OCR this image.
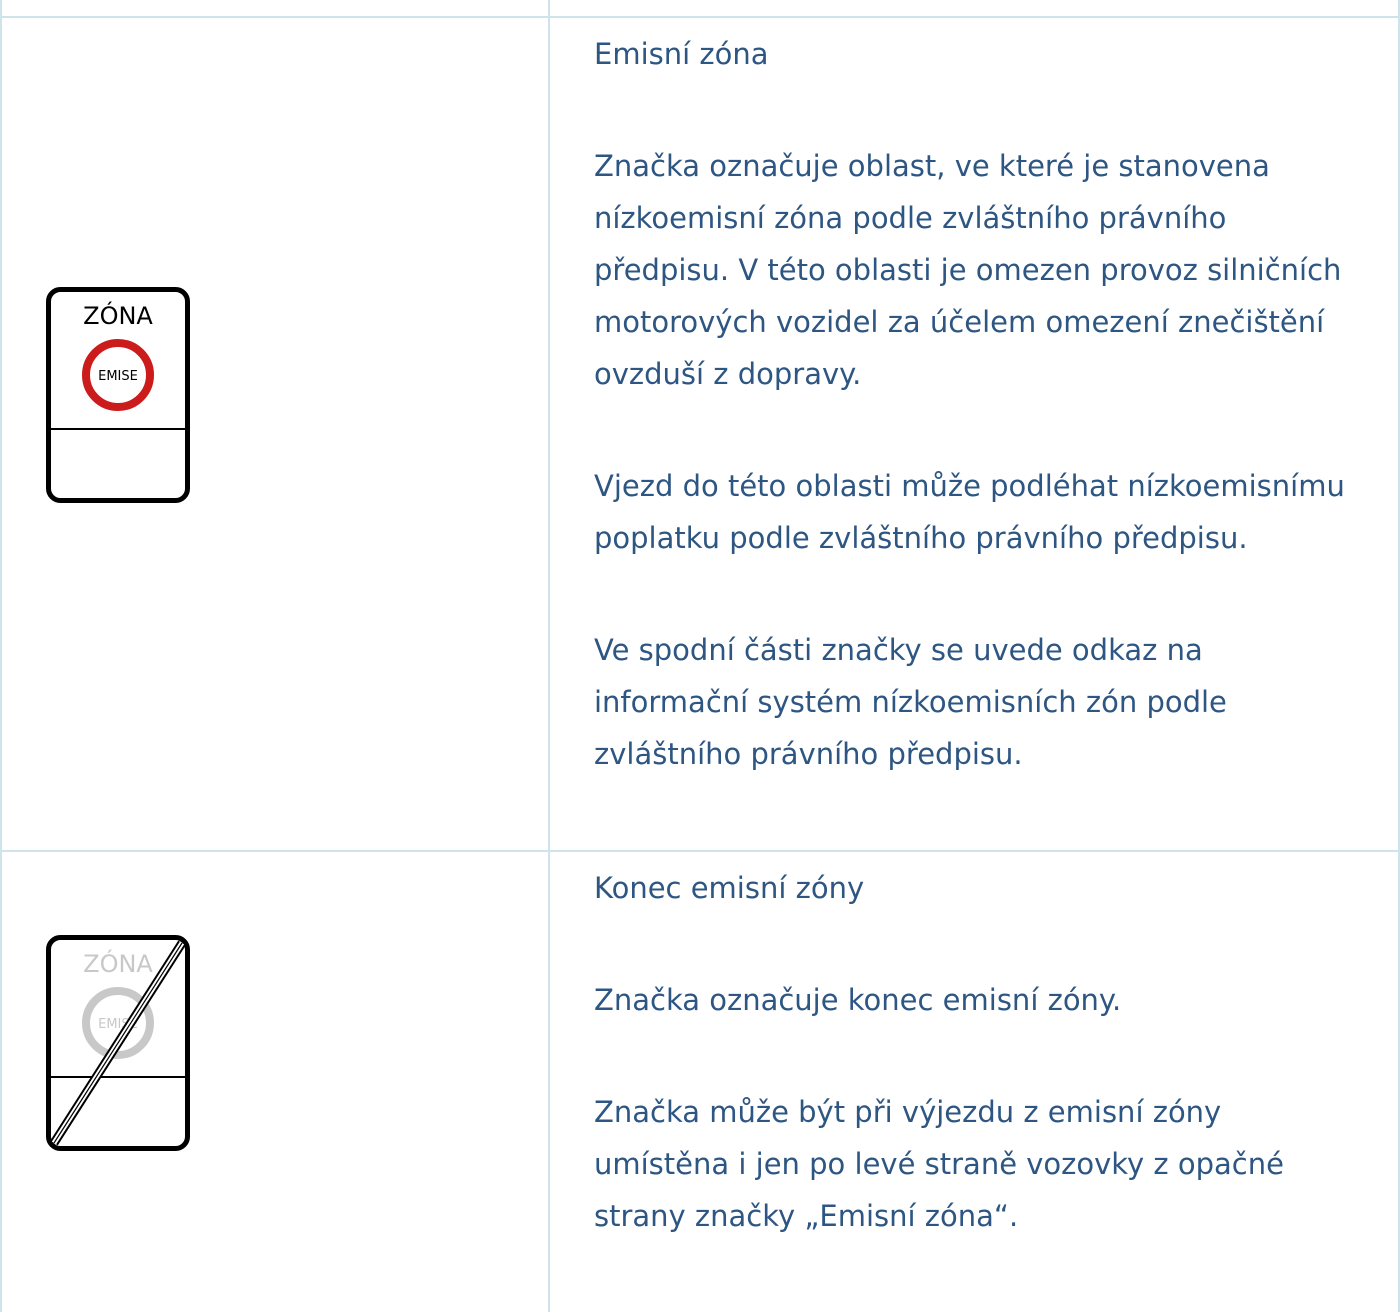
ZÓNA
EMISE

Emisní zóna

Značka označuje oblast, ve které je stanovena nízkoemisní zóna podle zvláštního právního předpisu. V této oblasti je omezen provoz silničních motorových vozidel za účelem omezení znečištění ovzduší z dopravy.

Vjezd do této oblasti může podléhat nízkoemisnímu poplatku podle zvláštního právního předpisu.

Ve spodní části značky se uvede odkaz na informační systém nízkoemisních zón podle zvláštního právního předpisu.

ZÓNA
EMISE

Konec emisní zóny

Značka označuje konec emisní zóny.

Značka může být při výjezdu z emisní zóny umístěna i jen po levé straně vozovky z opačné strany značky „Emisní zóna“.
